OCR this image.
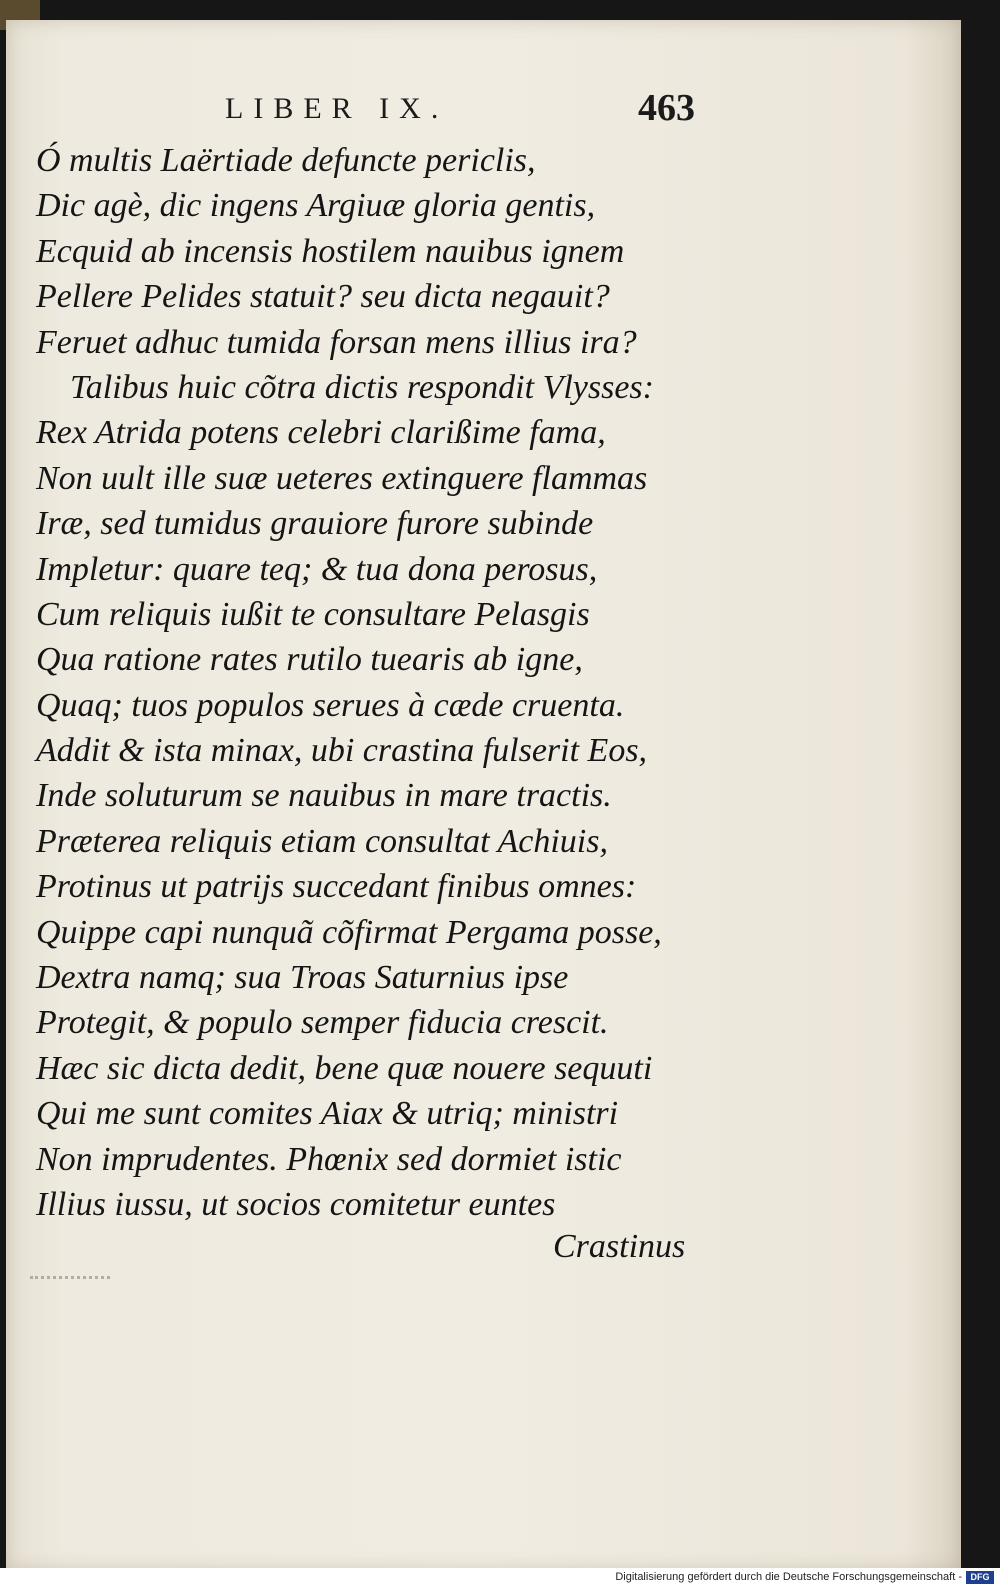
LIBER IX.	463
Ó multis Laërtiade defuncte periclis,
Dic agè, dic ingens Argiuæ gloria gentis,
Ecquid ab incensis hostilem nauibus ignem
Pellere Pelides statuit? seu dicta negauit?
Feruet adhuc tumida forsan mens illius ira?
Talibus huic cõtra dictis respondit Vlysses:
Rex Atrida potens celebri clarißime fama,
Non uult ille suæ ueteres extinguere flammas
Iræ, sed tumidus grauiore furore subinde
Impletur: quare teq; & tua dona perosus,
Cum reliquis iußit te consultare Pelasgis
Qua ratione rates rutilo tuearis ab igne,
Quaq; tuos populos serues à cæde cruenta.
Addit & ista minax, ubi crastina fulserit Eos,
Inde soluturum se nauibus in mare tractis.
Præterea reliquis etiam consultat Achiuis,
Protinus ut patrijs succedant finibus omnes:
Quippe capi nunquã cõfirmat Pergama posse,
Dextra namq; sua Troas Saturnius ipse
Protegit, & populo semper fiducia crescit.
Hæc sic dicta dedit, bene quæ nouere sequuti
Qui me sunt comites Aiax & utriq; ministri
Non imprudentes. Phœnix sed dormiet istic
Illius iussu, ut socios comitetur euntes
Crastinus
Digitalisierung gefördert durch die Deutsche Forschungsgemeinschaft - DFG
